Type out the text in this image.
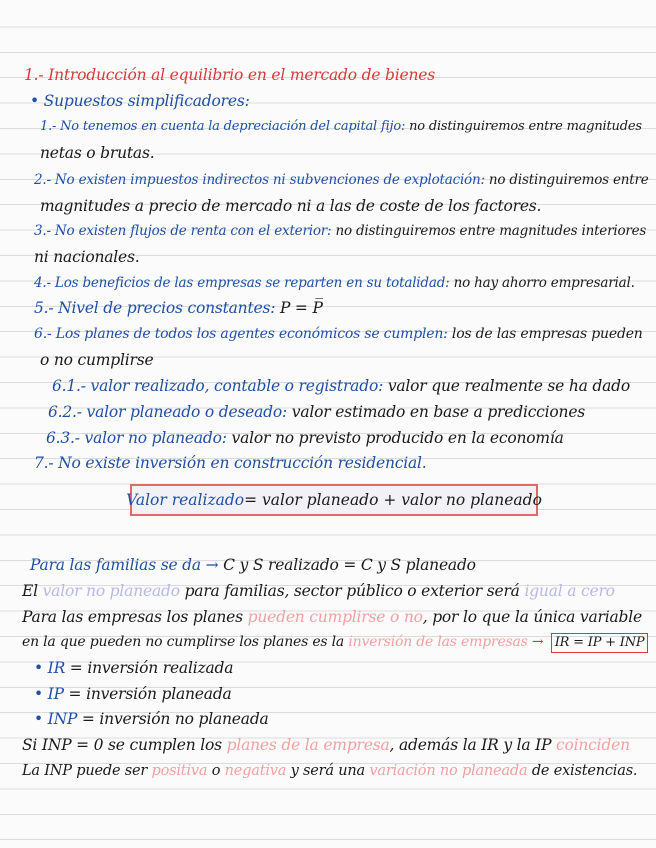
1.- Introducción al equilibrio en el mercado de bienes
• Supuestos simplificadores:
1.- No tenemos en cuenta la depreciación del capital fijo: no distinguiremos entre magnitudes
netas o brutas.
2.- No existen impuestos indirectos ni subvenciones de explotación: no distinguiremos entre
magnitudes a precio de mercado ni a las de coste de los factores.
3.- No existen flujos de renta con el exterior: no distinguiremos entre magnitudes interiores
ni nacionales.
4.- Los beneficios de las empresas se reparten en su totalidad: no hay ahorro empresarial.
5.- Nivel de precios constantes: P = P̅
6.- Los planes de todos los agentes económicos se cumplen: los de las empresas pueden
o no cumplirse
6.1.- valor realizado, contable o registrado: valor que realmente se ha dado
6.2.- valor planeado o deseado: valor estimado en base a predicciones
6.3.- valor no planeado: valor no previsto producido en la economía
7.- No existe inversión en construcción residencial.
Valor realizado = valor planeado + valor no planeado
Para las familias se da → C y S realizado = C y S planeado
El valor no planeado para familias, sector público o exterior será igual a cero
Para las empresas los planes pueden cumplirse o no, por lo que la única variable
en la que pueden no cumplirse los planes es la inversión de las empresas → IR = IP + INP
• IR = inversión realizada
• IP = inversión planeada
• INP = inversión no planeada
Si INP = 0 se cumplen los planes de la empresa, además la IR y la IP coinciden
La INP puede ser positiva o negativa y será una variación no planeada de existencias.
